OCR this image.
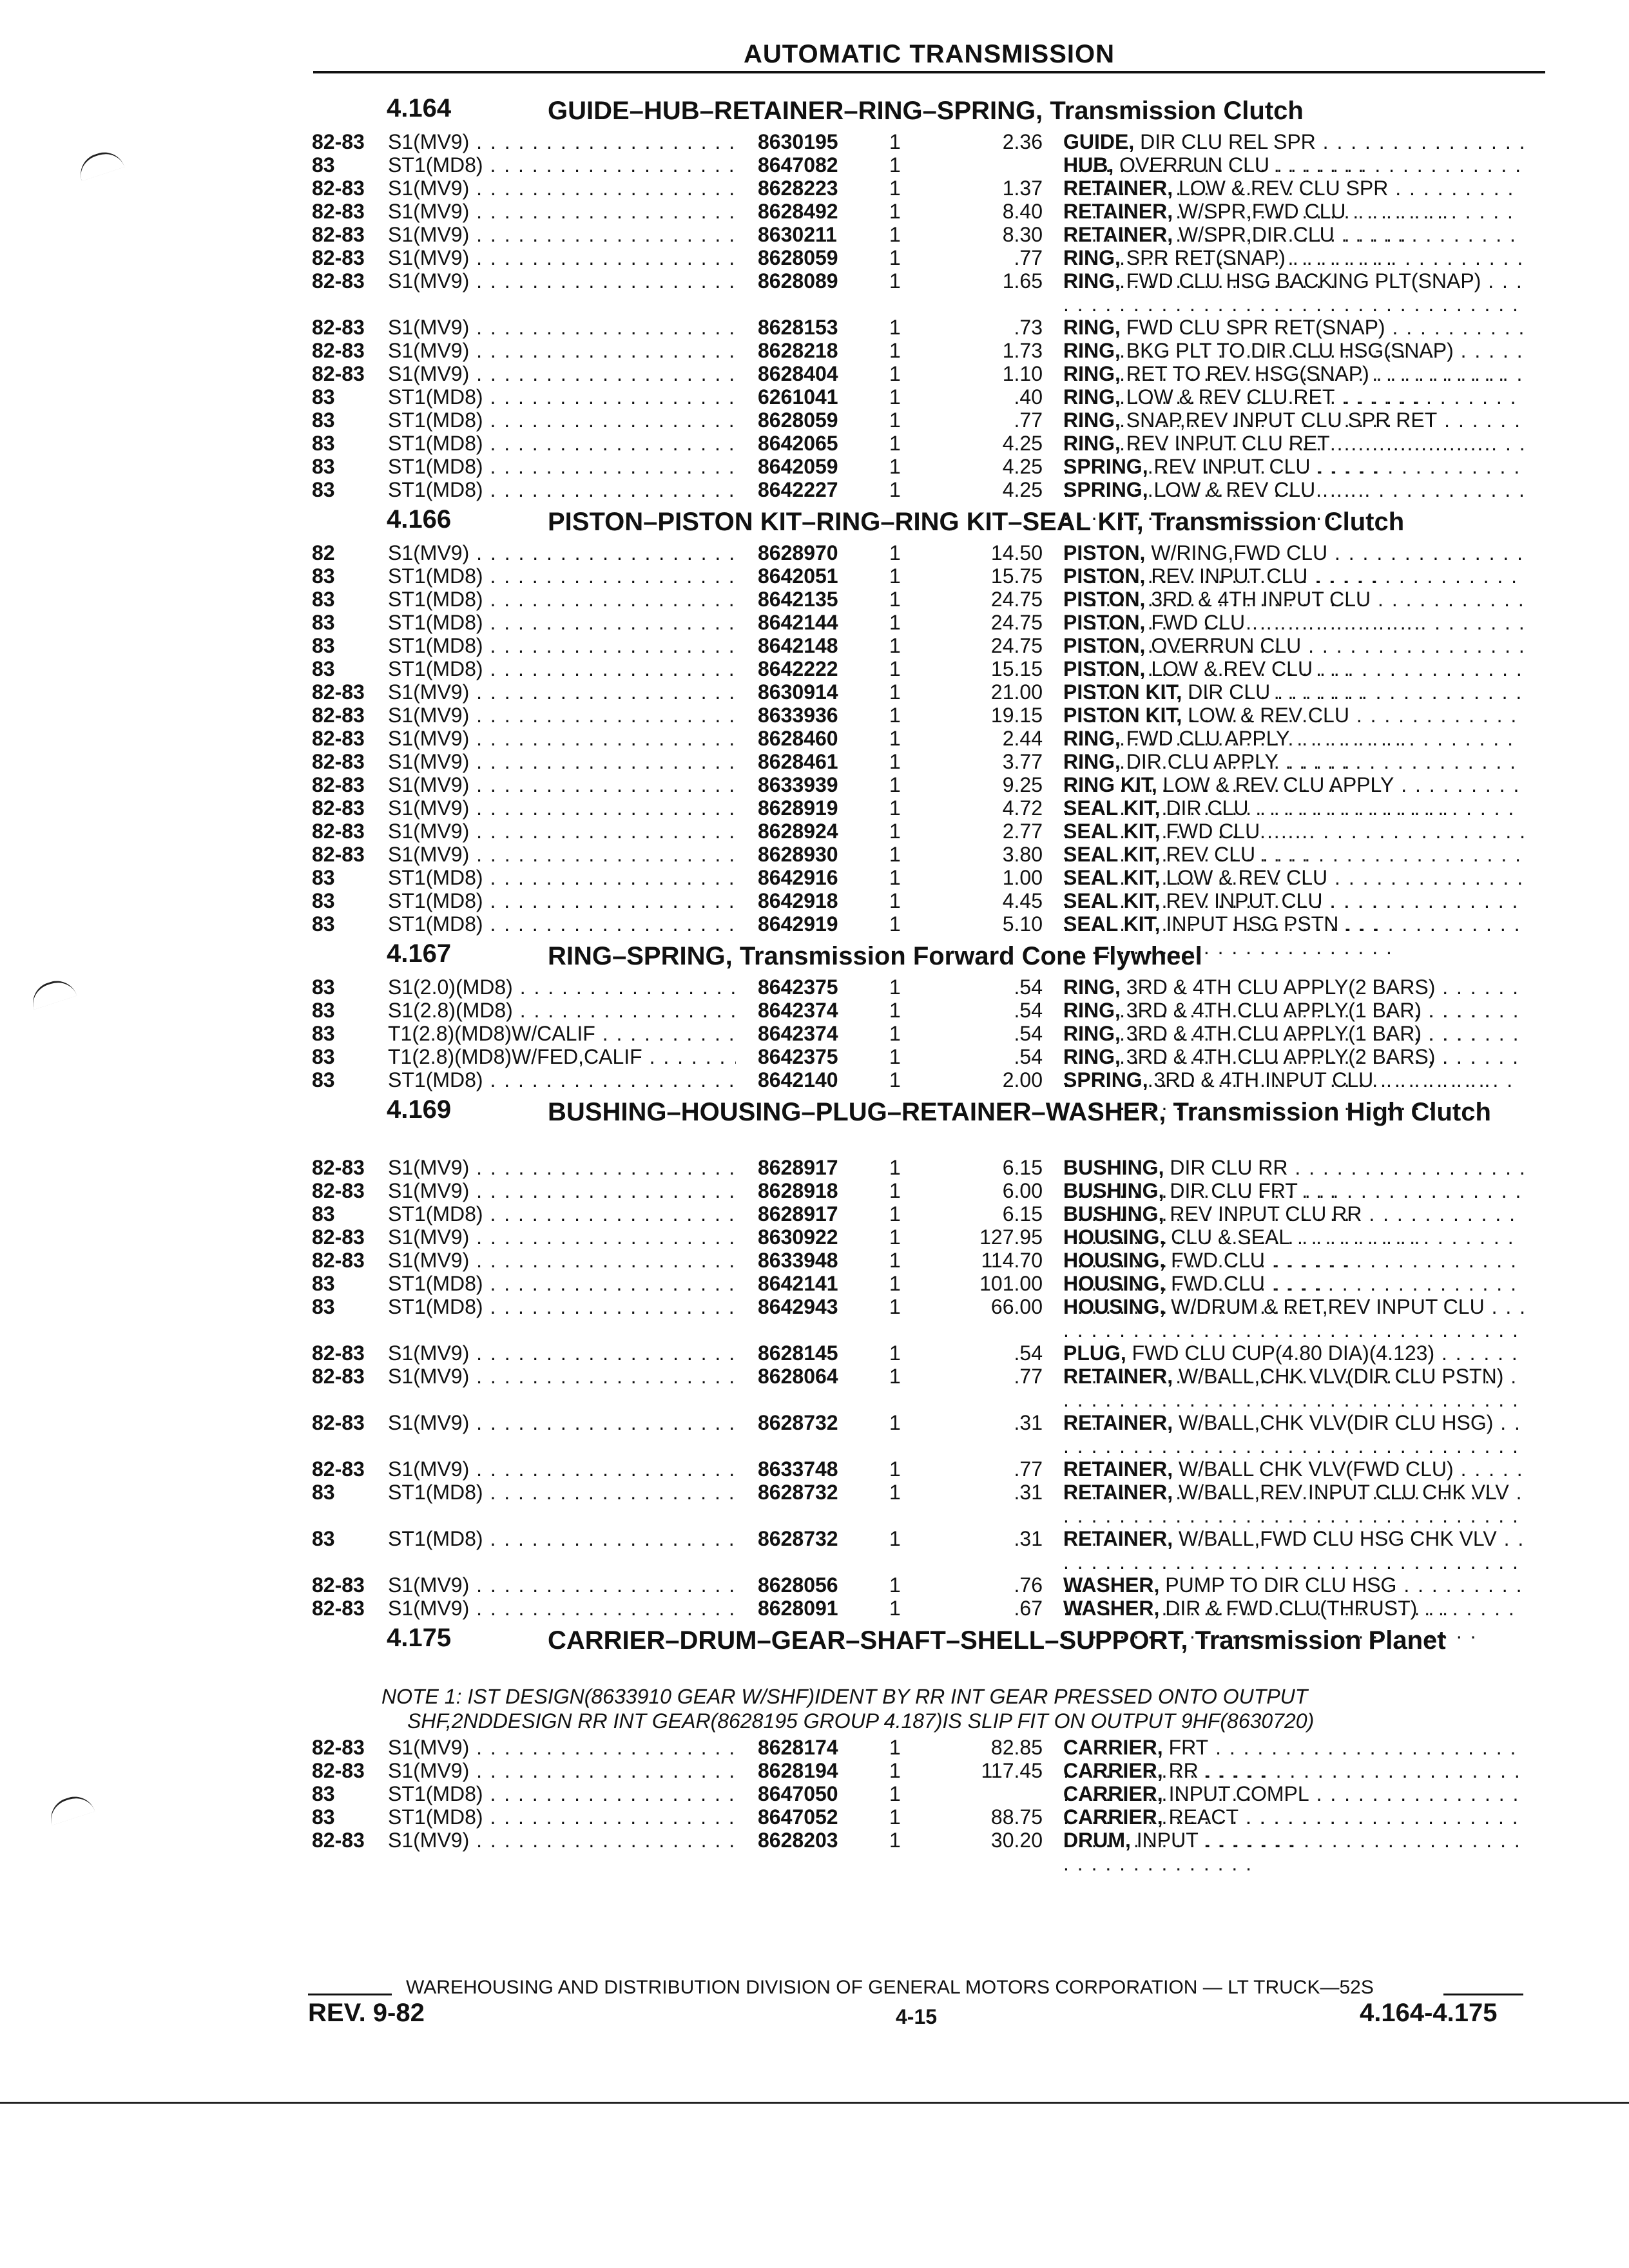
AUTOMATIC TRANSMISSION
4.164	GUIDE–HUB–RETAINER–RING–SPRING, Transmission Clutch
82-83 S1(MV9) . . .	8630195 1	2.36 GUIDE, DIR CLU REL SPR . . .
83	ST1(MD8) . . .	8647082 1	HUB, OVERRUN CLU . . .
82-83 S1(MV9) . . .	8628223 1	1.37 RETAINER, LOW & REV CLU SPR . . .
82-83 S1(MV9) . . .	8628492 1	8.40 RETAINER, W/SPR,FWD CLU . . .
82-83 S1(MV9) . . .	8630211	1	8.30 RETAINER, W/SPR,DIR CLU . . .
82-83 S1(MV9) . . .	8628059 1	.77 RING, SPR RET(SNAP) . . .
82-83 S1(MV9) . . .	8628089 1	1.65 RING, FWD CLU HSG BACKING PLT(SNAP) . . .
82-83 S1(MV9) . . .	8628153 1	.73 RING, FWD CLU SPR RET(SNAP) . . .
82-83 S1(MV9) . . .	8628218 1	1.73 RING, BKG PLT TO DIR CLU HSG(SNAP) . . .
82-83 S1(MV9) . . .	8628404 1	1.10 RING, RET TO REV HSG(SNAP) . . .
83	ST1(MD8) . . .	6261041 1	.40 RING, LOW & REV CLU RET . . .
83	ST1(MD8) . . .	8628059 1	.77 RING, SNAP,REV INPUT CLU SPR RET . . .
83	ST1(MD8) . . .	8642065 1	4.25 RING, REV INPUT CLU RET . . .
83	ST1(MD8) . . .	8642059 1	4.25 SPRING, REV INPUT CLU . . .
83	ST1(MD8) . . .	8642227 1	4.25 SPRING, LOW & REV CLU . . .
4.166	PISTON–PISTON KIT–RING–RING KIT–SEAL KIT, Transmission Clutch
82	S1(MV9) . . .	8628970 1	14.50 PISTON, W/RING,FWD CLU . . .
83	ST1(MD8) . . .	8642051 1	15.75 PISTON, REV INPUT CLU . . .
83	ST1(MD8) . . .	8642135 1	24.75 PISTON, 3RD & 4TH INPUT CLU . . .
83	ST1(MD8) . . .	8642144 1	24.75 PISTON, FWD CLU . . .
83	ST1(MD8) . . .	8642148 1	24.75 PISTON, OVERRUN CLU . . .
83	ST1(MD8) . . .	8642222 1	15.15 PISTON, LOW & REV CLU . . .
82-83 S1(MV9) . . .	8630914 1	21.00 PISTON KIT, DIR CLU . . .
82-83 S1(MV9) . . .	8633936 1	19.15 PISTON KIT, LOW & REV CLU . . .
82-83 S1(MV9) . . .	8628460 1	2.44 RING, FWD CLU APPLY . . .
82-83 S1(MV9) . . .	8628461 1	3.77 RING, DIR CLU APPLY . . .
82-83 S1(MV9) . . .	8633939 1	9.25 RING KIT, LOW & REV CLU APPLY . . .
82-83 S1(MV9) . . .	8628919 1	4.72 SEAL KIT, DIR CLU . . .
82-83 S1(MV9) . . .	8628924 1	2.77 SEAL KIT, FWD CLU . . .
82-83 S1(MV9) . . .	8628930 1	3.80 SEAL KIT, REV CLU . . .
83	ST1(MD8) . . .	8642916 1	1.00 SEAL KIT, LOW & REV CLU . . .
83	ST1(MD8) . . .	8642918 1	4.45 SEAL KIT, REV INPUT CLU . . .
83	ST1(MD8) . . .	8642919 1	5.10 SEAL KIT, INPUT HSG PSTN . . .
4.167	RING–SPRING, Transmission Forward Cone Flywheel
83	S1(2.0)(MD8) . . .	8642375 1	.54 RING, 3RD & 4TH CLU APPLY(2 BARS) . . .
83	S1(2.8)(MD8) . . .	8642374 1	.54 RING, 3RD & 4TH CLU APPLY(1 BAR) . . .
83	T1(2.8)(MD8)W/CALIF . . .	8642374 1	.54 RING, 3RD & 4TH CLU APPLY(1 BAR) . . .
83	T1(2.8)(MD8)W/FED,CALIF . . .	8642375 1	.54 RING, 3RD & 4TH CLU APPLY(2 BARS) . . .
83	ST1(MD8) . . .	8642140 1	2.00 SPRING, 3RD & 4TH INPUT CLU . . .
4.169	BUSHING–HOUSING–PLUG–RETAINER–WASHER, Transmission High Clutch
82-83 S1(MV9) . . .	8628917 1	6.15 BUSHING, DIR CLU RR . . .
82-83 S1(MV9) . . .	8628918 1	6.00 BUSHING, DIR CLU FRT . . .
83	ST1(MD8) . . .	8628917 1	6.15 BUSHING, REV INPUT CLU RR . . .
82-83 S1(MV9) . . .	8630922 1	127.95 HOUSING, CLU & SEAL . . .
82-83 S1(MV9) . . .	8633948 1	114.70 HOUSING, FWD CLU . . .
83	ST1(MD8) . . .	8642141 1	101.00 HOUSING, FWD CLU . . .
83	ST1(MD8) . . .	8642943 1	66.00 HOUSING, W/DRUM & RET,REV INPUT CLU . . .
82-83 S1(MV9) . . .	8628145 1	.54 PLUG, FWD CLU CUP(4.80 DIA)(4.123) . . .
82-83 S1(MV9) . . .	8628064 1	.77 RETAINER, W/BALL,CHK VLV(DIR CLU PSTN) . . .
82-83 S1(MV9) . . .	8628732 1	.31 RETAINER, W/BALL,CHK VLV(DIR CLU HSG) . . .
82-83 S1(MV9) . . .	8633748 1	.77 RETAINER, W/BALL CHK VLV(FWD CLU) . . .
83	ST1(MD8) . . .	8628732 1	.31 RETAINER, W/BALL,REV INPUT CLU CHK VLV . . .
83	ST1(MD8) . . .	8628732 1	.31 RETAINER, W/BALL,FWD CLU HSG CHK VLV . . .
82-83 S1(MV9) . . .	8628056 1	.76 WASHER, PUMP TO DIR CLU HSG . . .
82-83 S1(MV9) . . .	8628091 1	.67 WASHER, DIR & FWD CLU(THRUST) . . .
4.175	CARRIER–DRUM–GEAR–SHAFT–SHELL–SUPPORT, Transmission Planet
NOTE 1: IST DESIGN(8633910 GEAR W/SHF)IDENT BY RR INT GEAR PRESSED ONTO OUTPUT
SHF,2NDDESIGN RR INT GEAR(8628195 GROUP 4.187)IS SLIP FIT ON OUTPUT 9HF(8630720)
82-83 S1(MV9) . . .	8628174 1	82.85 CARRIER, FRT . . .
82-83 S1(MV9) . . .	8628194 1	117.45 CARRIER, RR . . .
83	ST1(MD8) . . .	8647050 1	CARRIER, INPUT COMPL . . .
83	ST1(MD8) . . .	8647052 1	88.75 CARRIER, REACT . . .
82-83 S1(MV9) . . .	8628203 1	30.20 DRUM, INPUT . . .
WAREHOUSING AND DISTRIBUTION DIVISION OF GENERAL MOTORS CORPORATION — LT TRUCK—52S
REV. 9-82	4-15	4.164-4.175
